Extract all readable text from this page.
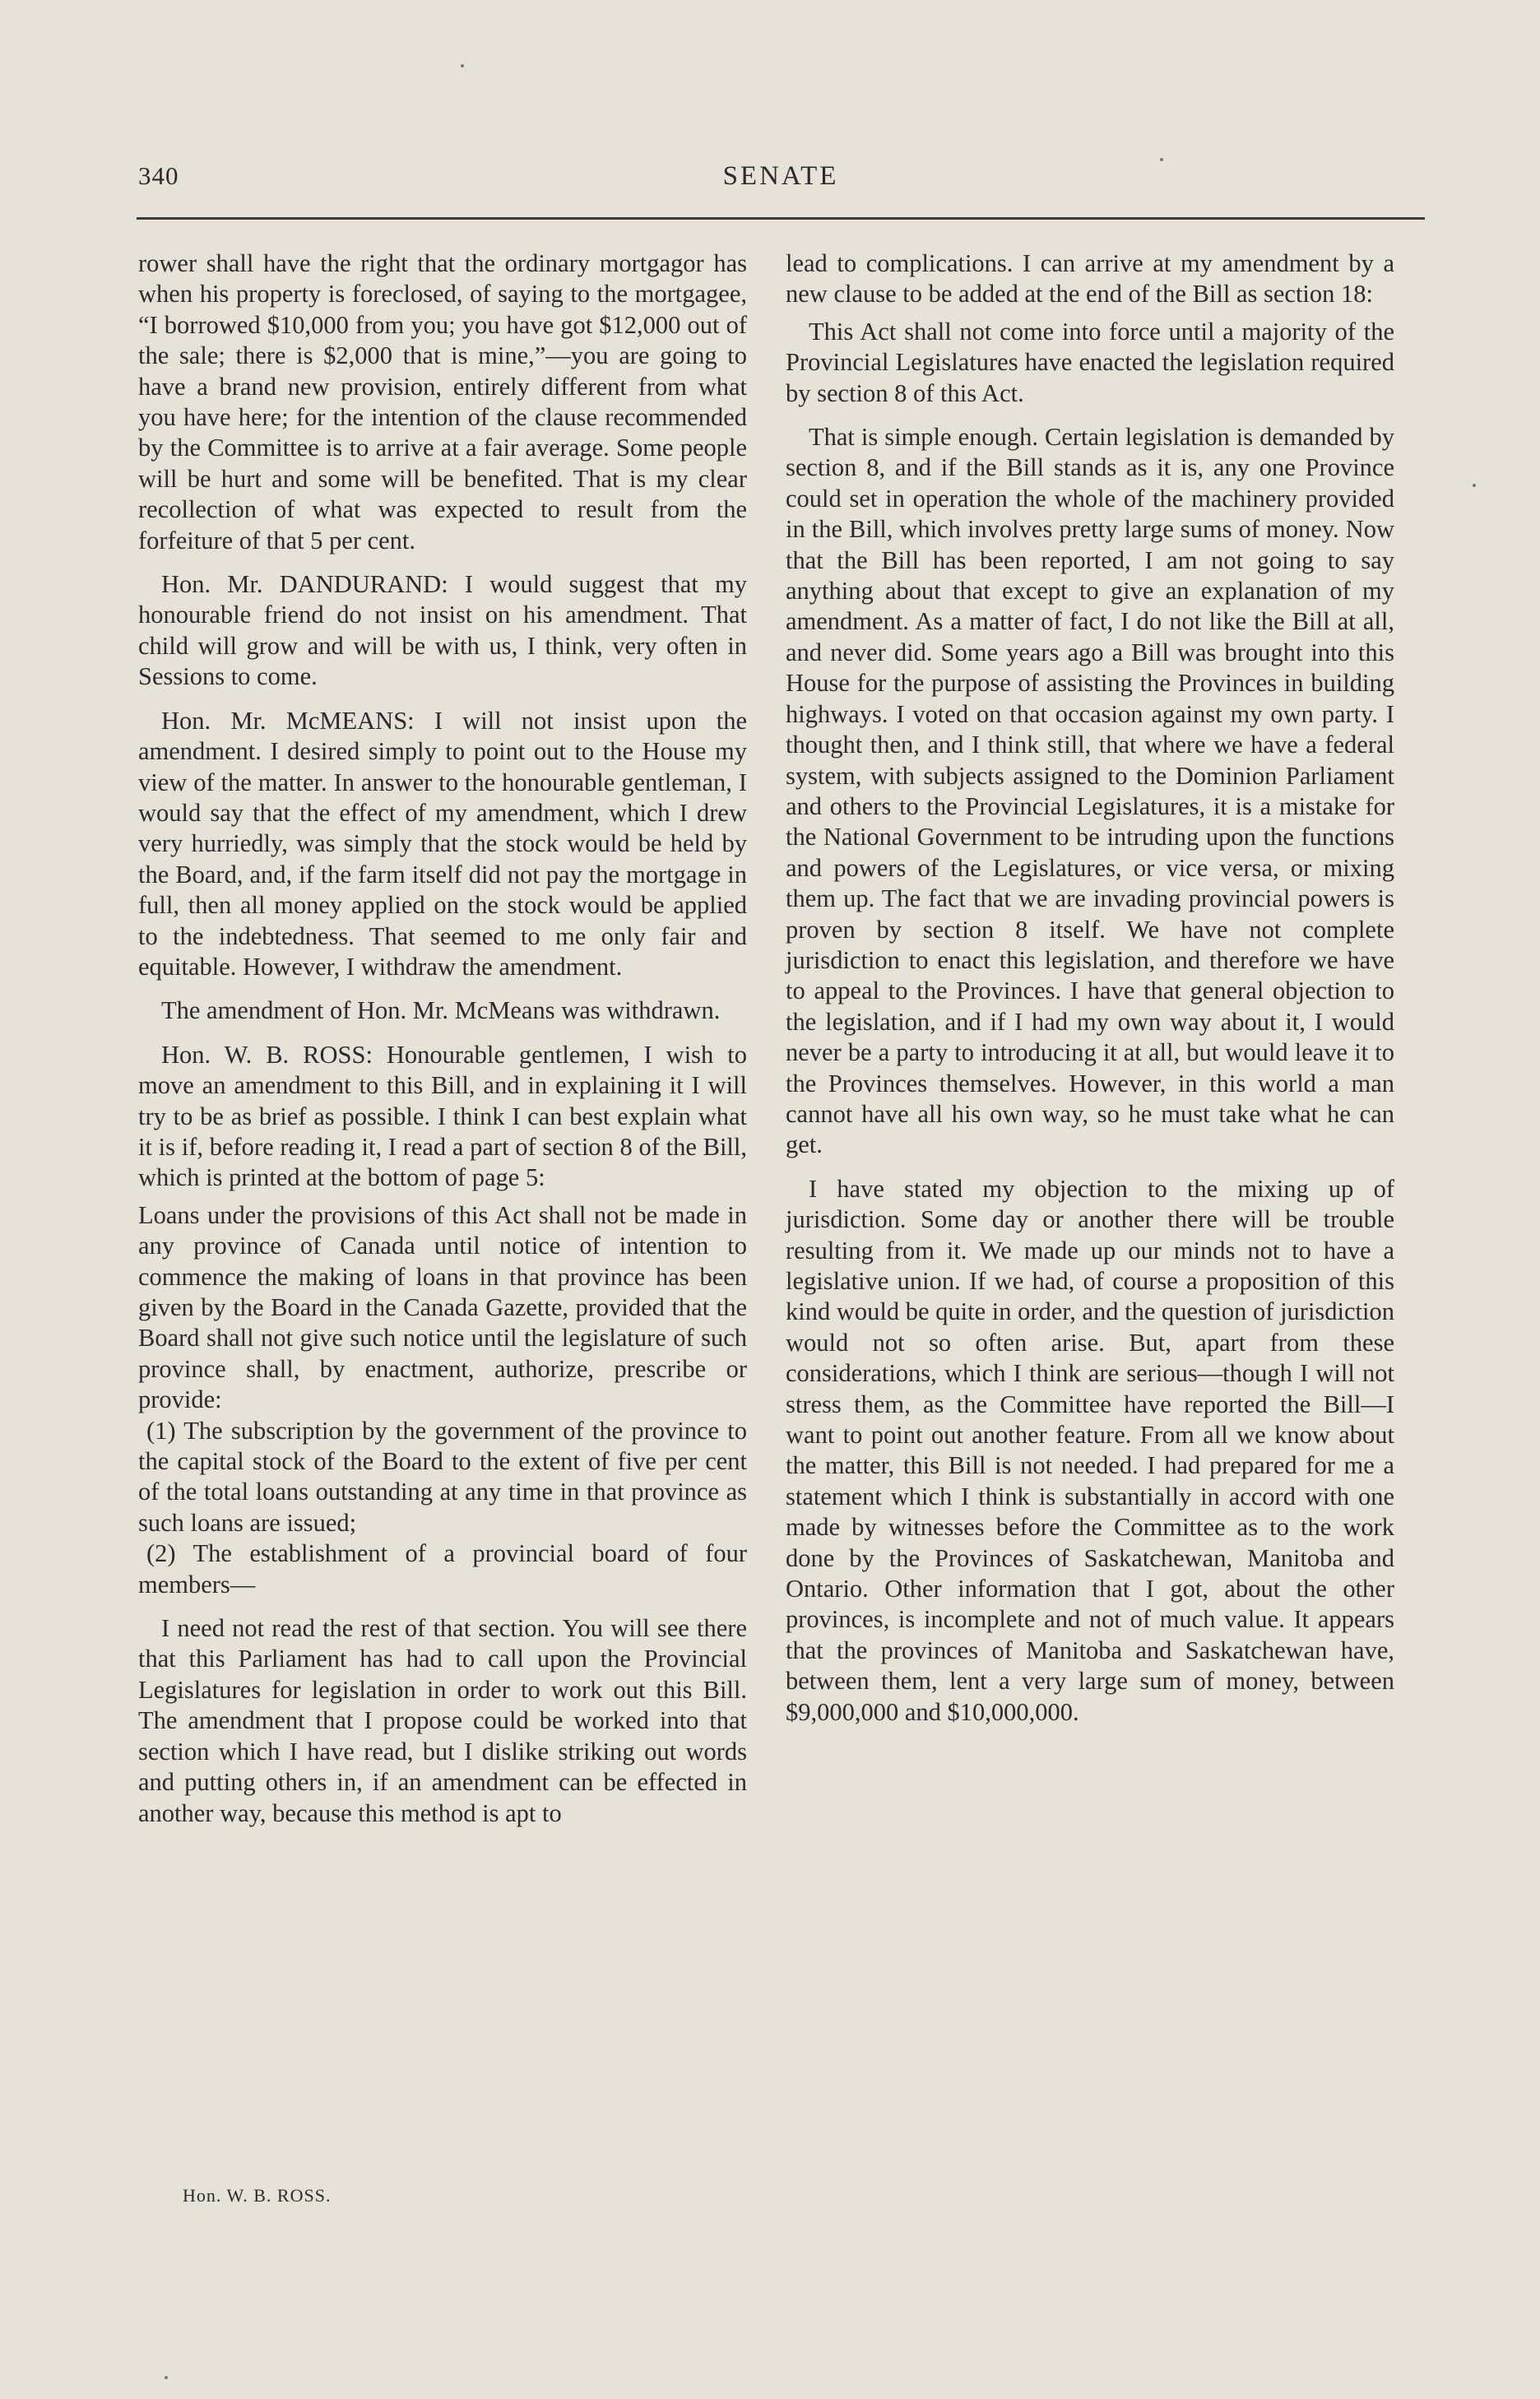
340	SENATE

rower shall have the right that the ordinary mortgagor has when his property is foreclosed, of saying to the mortgagee, “I borrowed $10,000 from you; you have got $12,000 out of the sale; there is $2,000 that is mine,”—you are going to have a brand new provision, entirely different from what you have here; for the intention of the clause recommended by the Committee is to arrive at a fair average. Some people will be hurt and some will be benefited. That is my clear recollection of what was expected to result from the forfeiture of that 5 per cent.

Hon. Mr. DANDURAND: I would suggest that my honourable friend do not insist on his amendment. That child will grow and will be with us, I think, very often in Sessions to come.

Hon. Mr. McMEANS: I will not insist upon the amendment. I desired simply to point out to the House my view of the matter. In answer to the honourable gentleman, I would say that the effect of my amendment, which I drew very hurriedly, was simply that the stock would be held by the Board, and, if the farm itself did not pay the mortgage in full, then all money applied on the stock would be applied to the indebtedness. That seemed to me only fair and equitable. However, I withdraw the amendment.

The amendment of Hon. Mr. McMeans was withdrawn.

Hon. W. B. ROSS: Honourable gentlemen, I wish to move an amendment to this Bill, and in explaining it I will try to be as brief as possible. I think I can best explain what it is if, before reading it, I read a part of section 8 of the Bill, which is printed at the bottom of page 5:

Loans under the provisions of this Act shall not be made in any province of Canada until notice of intention to commence the making of loans in that province has been given by the Board in the Canada Gazette, provided that the Board shall not give such notice until the legislature of such province shall, by enactment, authorize, prescribe or provide:

(1) The subscription by the government of the province to the capital stock of the Board to the extent of five per cent of the total loans outstanding at any time in that province as such loans are issued;

(2) The establishment of a provincial board of four members—

I need not read the rest of that section. You will see there that this Parliament has had to call upon the Provincial Legislatures for legislation in order to work out this Bill. The amendment that I propose could be worked into that section which I have read, but I dislike striking out words and putting others in, if an amendment can be effected in another way, because this method is apt to

lead to complications. I can arrive at my amendment by a new clause to be added at the end of the Bill as section 18:

This Act shall not come into force until a majority of the Provincial Legislatures have enacted the legislation required by section 8 of this Act.

That is simple enough. Certain legislation is demanded by section 8, and if the Bill stands as it is, any one Province could set in operation the whole of the machinery provided in the Bill, which involves pretty large sums of money. Now that the Bill has been reported, I am not going to say anything about that except to give an explanation of my amendment. As a matter of fact, I do not like the Bill at all, and never did. Some years ago a Bill was brought into this House for the purpose of assisting the Provinces in building highways. I voted on that occasion against my own party. I thought then, and I think still, that where we have a federal system, with subjects assigned to the Dominion Parliament and others to the Provincial Legislatures, it is a mistake for the National Government to be intruding upon the functions and powers of the Legislatures, or vice versa, or mixing them up. The fact that we are invading provincial powers is proven by section 8 itself. We have not complete jurisdiction to enact this legislation, and therefore we have to appeal to the Provinces. I have that general objection to the legislation, and if I had my own way about it, I would never be a party to introducing it at all, but would leave it to the Provinces themselves. However, in this world a man cannot have all his own way, so he must take what he can get.

I have stated my objection to the mixing up of jurisdiction. Some day or another there will be trouble resulting from it. We made up our minds not to have a legislative union. If we had, of course a proposition of this kind would be quite in order, and the question of jurisdiction would not so often arise. But, apart from these considerations, which I think are serious—though I will not stress them, as the Committee have reported the Bill—I want to point out another feature. From all we know about the matter, this Bill is not needed. I had prepared for me a statement which I think is substantially in accord with one made by witnesses before the Committee as to the work done by the Provinces of Saskatchewan, Manitoba and Ontario. Other information that I got, about the other provinces, is incomplete and not of much value. It appears that the provinces of Manitoba and Saskatchewan have, between them, lent a very large sum of money, between $9,000,000 and $10,000,000.

Hon. W. B. ROSS.
